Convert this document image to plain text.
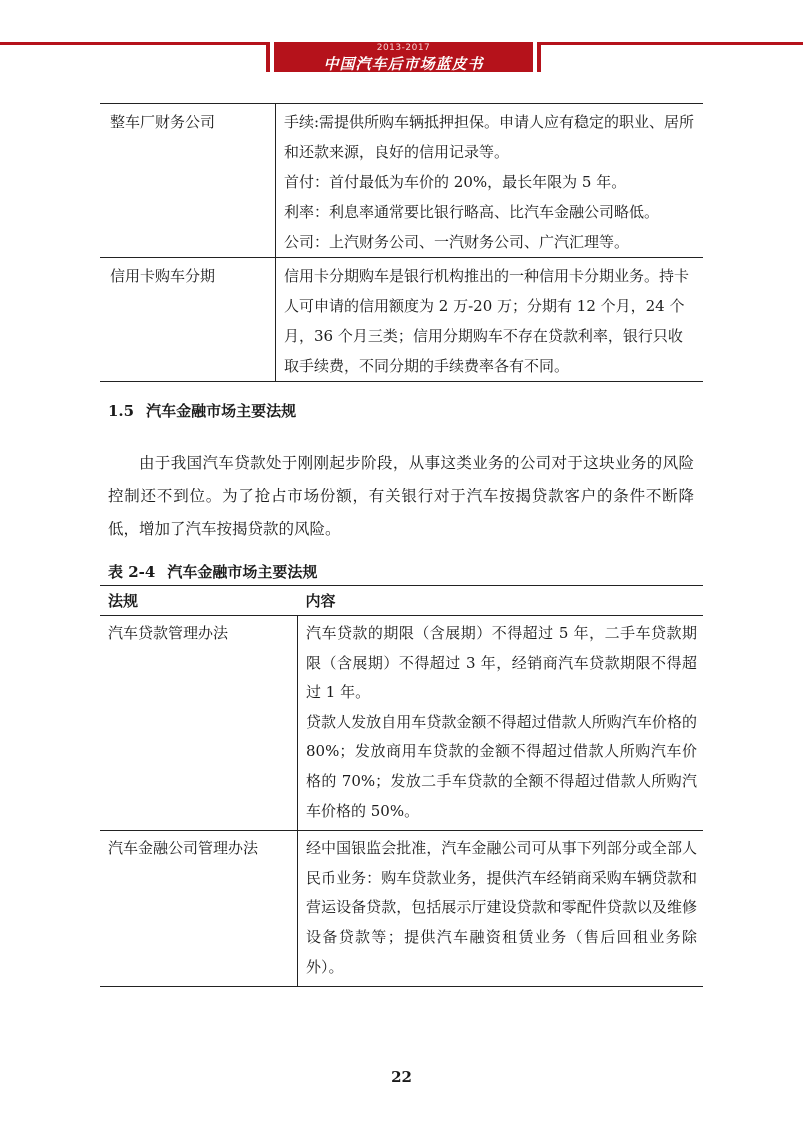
2013-2017
中国汽车后市场蓝皮书
整车厂财务公司	手续:需提供所购车辆抵押担保。申请人应有稳定的职业、居所和还款来源，良好的信用记录等。

首付：首付最低为车价的 20%，最长年限为 5 年。

利率：利息率通常要比银行略高、比汽车金融公司略低。

公司：上汽财务公司、一汽财务公司、广汽汇理等。

信用卡购车分期	信用卡分期购车是银行机构推出的一种信用卡分期业务。持卡人可申请的信用额度为 2 万-20 万；分期有 12 个月，24 个月，36 个月三类；信用分期购车不存在贷款利率，银行只收取手续费，不同分期的手续费率各有不同。

1.5 汽车金融市场主要法规

由于我国汽车贷款处于刚刚起步阶段，从事这类业务的公司对于这块业务的风险控制还不到位。为了抢占市场份额，有关银行对于汽车按揭贷款客户的条件不断降低，增加了汽车按揭贷款的风险。

表 2-4 汽车金融市场主要法规
法规	内容
汽车贷款管理办法	汽车贷款的期限（含展期）不得超过 5 年，二手车贷款期限（含展期）不得超过 3 年，经销商汽车贷款期限不得超过 1 年。

贷款人发放自用车贷款金额不得超过借款人所购汽车价格的 80%；发放商用车贷款的金额不得超过借款人所购汽车价格的 70%；发放二手车贷款的全额不得超过借款人所购汽车价格的 50%。

汽车金融公司管理办法	经中国银监会批准，汽车金融公司可从事下列部分或全部人民币业务：购车贷款业务，提供汽车经销商采购车辆贷款和营运设备贷款，包括展示厅建设贷款和零配件贷款以及维修设备贷款等；提供汽车融资租赁业务（售后回租业务除外）。

22
